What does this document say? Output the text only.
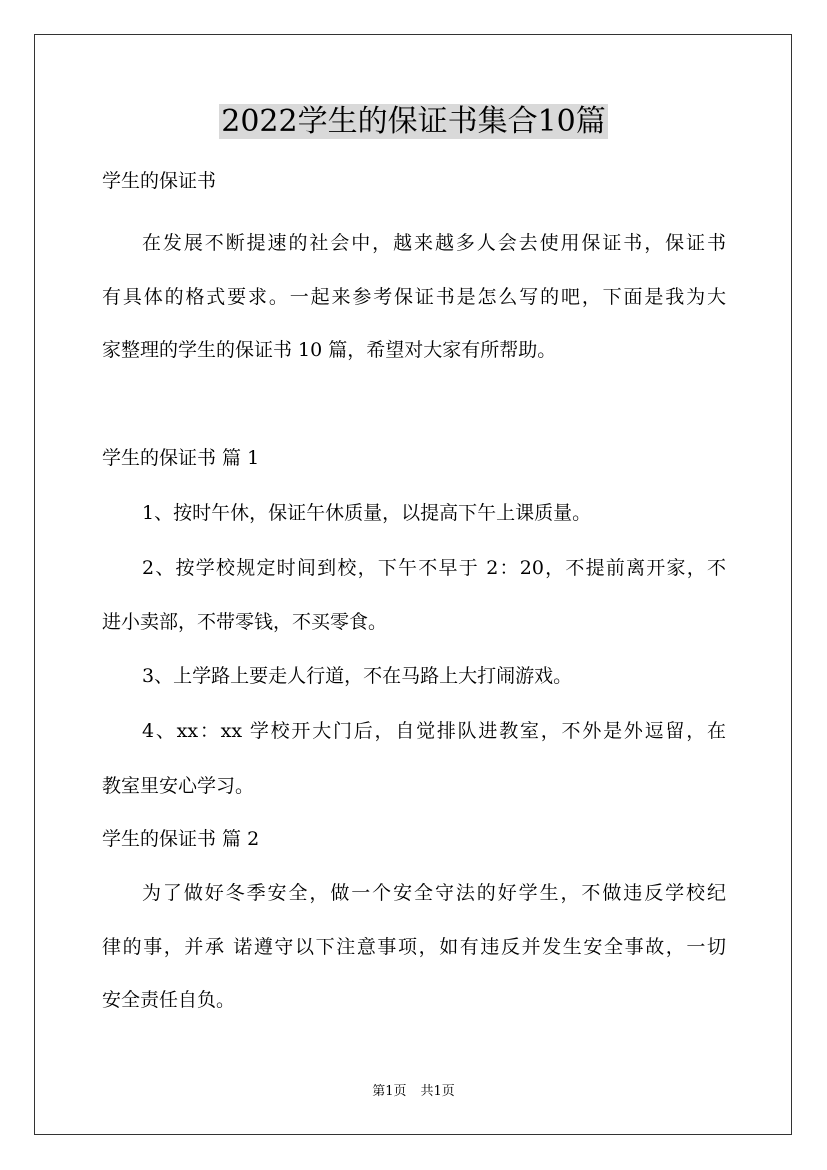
2022学生的保证书集合10篇
学生的保证书
在发展不断提速的社会中，越来越多人会去使用保证书，保证书
有具体的格式要求。一起来参考保证书是怎么写的吧，下面是我为大
家整理的学生的保证书 10 篇，希望对大家有所帮助。
学生的保证书 篇 1
1、按时午休，保证午休质量，以提高下午上课质量。
2、按学校规定时间到校，下午不早于 2：20，不提前离开家，不
进小卖部，不带零钱，不买零食。
3、上学路上要走人行道，不在马路上大打闹游戏。
4、xx：xx 学校开大门后，自觉排队进教室，不外是外逗留，在
教室里安心学习。
学生的保证书 篇 2
为了做好冬季安全，做一个安全守法的好学生，不做违反学校纪
律的事，并承 诺遵守以下注意事项，如有违反并发生安全事故，一切
安全责任自负。
第1页 共1页
